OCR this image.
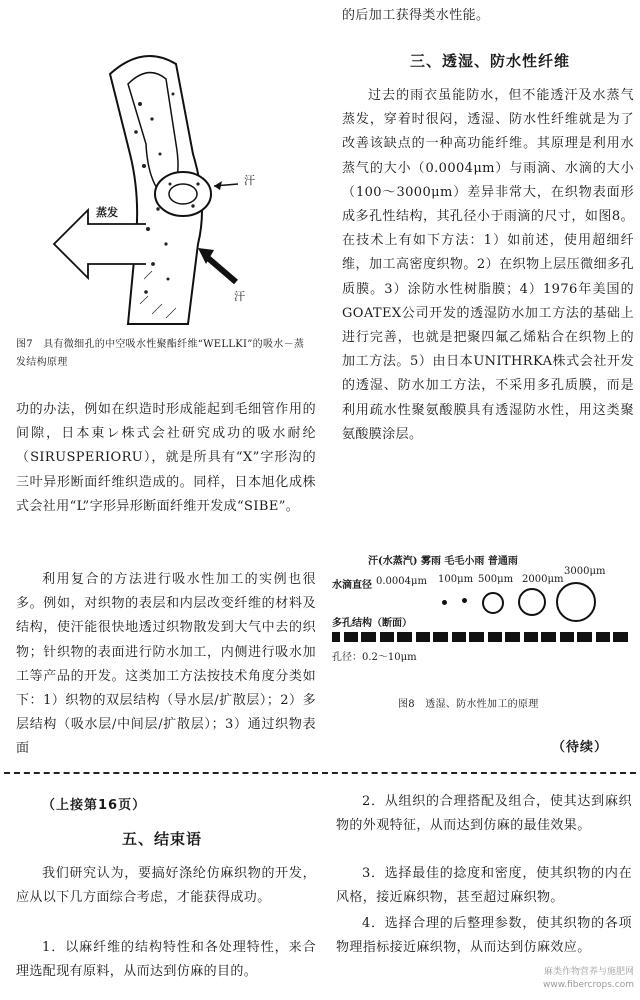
的后加工获得类水性能。
三、透湿、防水性纤维
过去的雨衣虽能防水，但不能透汗及水蒸气蒸发，穿着时很闷，透湿、防水性纤维就是为了改善该缺点的一种高功能纤维。其原理是利用水蒸气的大小（0.0004μm）与雨滴、水滴的大小（100～3000μm）差异非常大，在织物表面形成多孔性结构，其孔径小于雨滴的尺寸，如图8。在技术上有如下方法：1）如前述，使用超细纤维，加工高密度织物。2）在织物上层压微细多孔质膜。3）涂防水性树脂膜；4）1976年美国的GOATEX公司开发的透湿防水加工方法的基础上进行完善，也就是把聚四氟乙烯粘合在织物上的加工方法。5）由日本UNITHRKA株式会社开发的透湿、防水加工方法，不采用多孔质膜，而是利用疏水性聚氨酸膜具有透湿防水性，用这类聚氨酸膜涂层。
汗
蒸发
汗
图7　具有微细孔的中空吸水性聚酯纤维“WELLKI”的吸水－蒸发结构原理
功的办法，例如在织造时形成能起到毛细管作用的间隙，日本東レ株式会社研究成功的吸水耐纶（SIRUSPERIORU），就是所具有“X”字形沟的三叶异形断面纤维织造成的。同样，日本旭化成株式会社用“L”字形异形断面纤维开发成“SIBE”。
利用复合的方法进行吸水性加工的实例也很多。例如，对织物的表层和内层改变纤维的材料及结构，使汗能很快地透过织物散发到大气中去的织物；针织物的表面进行防水加工，内侧进行吸水加工等产品的开发。这类加工方法按技术角度分类如下：1）织物的双层结构（导水层/扩散层）；2）多层结构（吸水层/中间层/扩散层）；3）通过织物表面
汗(水蒸汽) 雾雨 毛毛小雨 普通雨
水滴直径 0.0004μm 100μm 500μm 2000μm
3000μm
多孔结构（断面）
孔径：0.2～10μm
图8　透湿、防水性加工的原理
（待续）
（上接第16页）
五、结束语
我们研究认为，要搞好涤纶仿麻织物的开发，应从以下几方面综合考虑，才能获得成功。
1．以麻纤维的结构特性和各处理特性，来合理选配现有原料，从而达到仿麻的目的。
2．从组织的合理搭配及组合，使其达到麻织物的外观特征，从而达到仿麻的最佳效果。
3．选择最佳的捻度和密度，使其织物的内在风格，接近麻织物，甚至超过麻织物。
4．选择合理的后整理参数，使其织物的各项物理指标接近麻织物，从而达到仿麻效应。
麻类作物营养与施肥网 www.fibercrops.com
